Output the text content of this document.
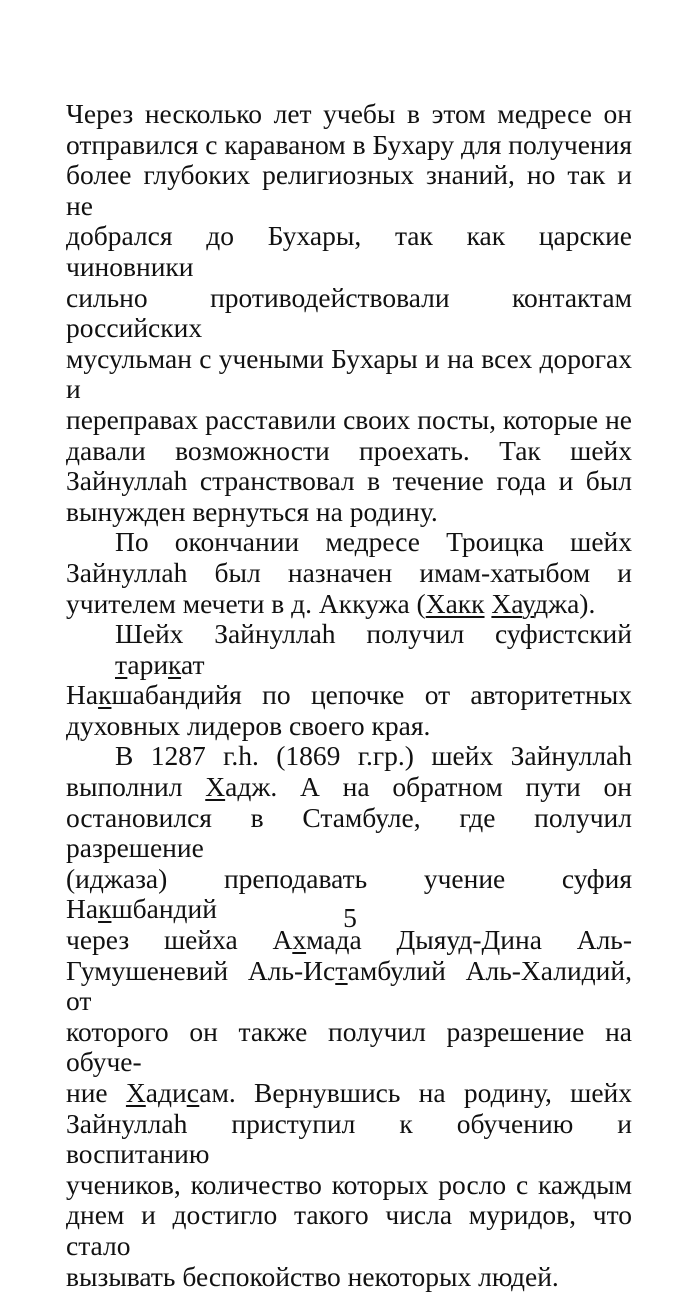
Через несколько лет учебы в этом медресе он
отправился с караваном в Бухару для получения
более глубоких религиозных знаний, но так и не
добрался до Бухары, так как царские чиновники
сильно противодействовали контактам российских
мусульман с учеными Бухары и на всех дорогах и
переправах расставили своих посты, которые не
давали возможности проехать. Так шейх
Зайнуллаh странствовал в течение года и был
вынужден вернуться на родину.
По окончании медресе Троицка шейх
Зайнуллаh был назначен имам-хатыбом и
учителем мечети в д. Аккужа (Хакк Хауджа).
Шейх Зайнуллаh получил суфистский тарикат
Накшабандийя по цепочке от авторитетных
духовных лидеров своего края.
В 1287 г.h. (1869 г.гр.) шейх Зайнуллаh
выполнил Хадж. А на обратном пути он
остановился в Стамбуле, где получил разрешение
(иджаза) преподавать учение суфия Накшбандий
через шейха Ахмада Дыяуд-Дина Аль-
Гумушеневий Аль-Истамбулий Аль-Халидий, от
которого он также получил разрешение на обуче-
ние Хадисам. Вернувшись на родину, шейх
Зайнуллаh приступил к обучению и воспитанию
учеников, количество которых росло с каждым
днем и достигло такого числа муридов, что стало
вызывать беспокойство некоторых людей.
5
